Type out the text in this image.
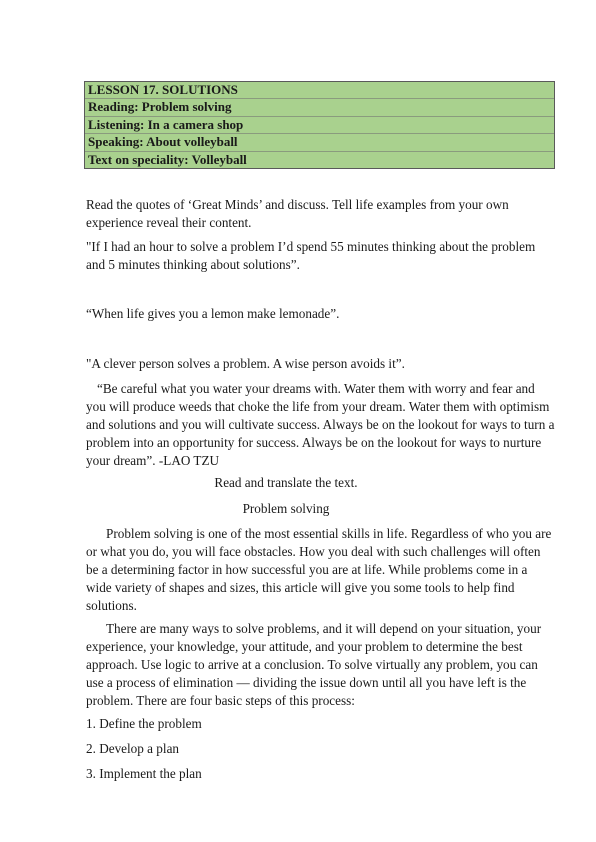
LESSON 17. SOLUTIONS
Reading: Problem solving
Listening: In a camera shop
Speaking: About volleyball
Text on speciality: Volleyball

Read the quotes of ‘Great Minds’ and discuss. Tell life examples from your own experience reveal their content.

"If I had an hour to solve a problem I’d spend 55 minutes thinking about the problem and 5 minutes thinking about solutions”.

“When life gives you a lemon make lemonade”.

"A clever person solves a problem. A wise person avoids it”.

“Be careful what you water your dreams with. Water them with worry and fear and you will produce weeds that choke the life from your dream. Water them with optimism and solutions and you will cultivate success. Always be on the lookout for ways to turn a problem into an opportunity for success. Always be on the lookout for ways to nurture your dream”. -LAO TZU

Read and translate the text.

Problem solving

Problem solving is one of the most essential skills in life. Regardless of who you are or what you do, you will face obstacles. How you deal with such challenges will often be a determining factor in how successful you are at life. While problems come in a wide variety of shapes and sizes, this article will give you some tools to help find solutions.

There are many ways to solve problems, and it will depend on your situation, your experience, your knowledge, your attitude, and your problem to determine the best approach. Use logic to arrive at a conclusion. To solve virtually any problem, you can use a process of elimination — dividing the issue down until all you have left is the problem. There are four basic steps of this process:

1. Define the problem

2. Develop a plan

3. Implement the plan
